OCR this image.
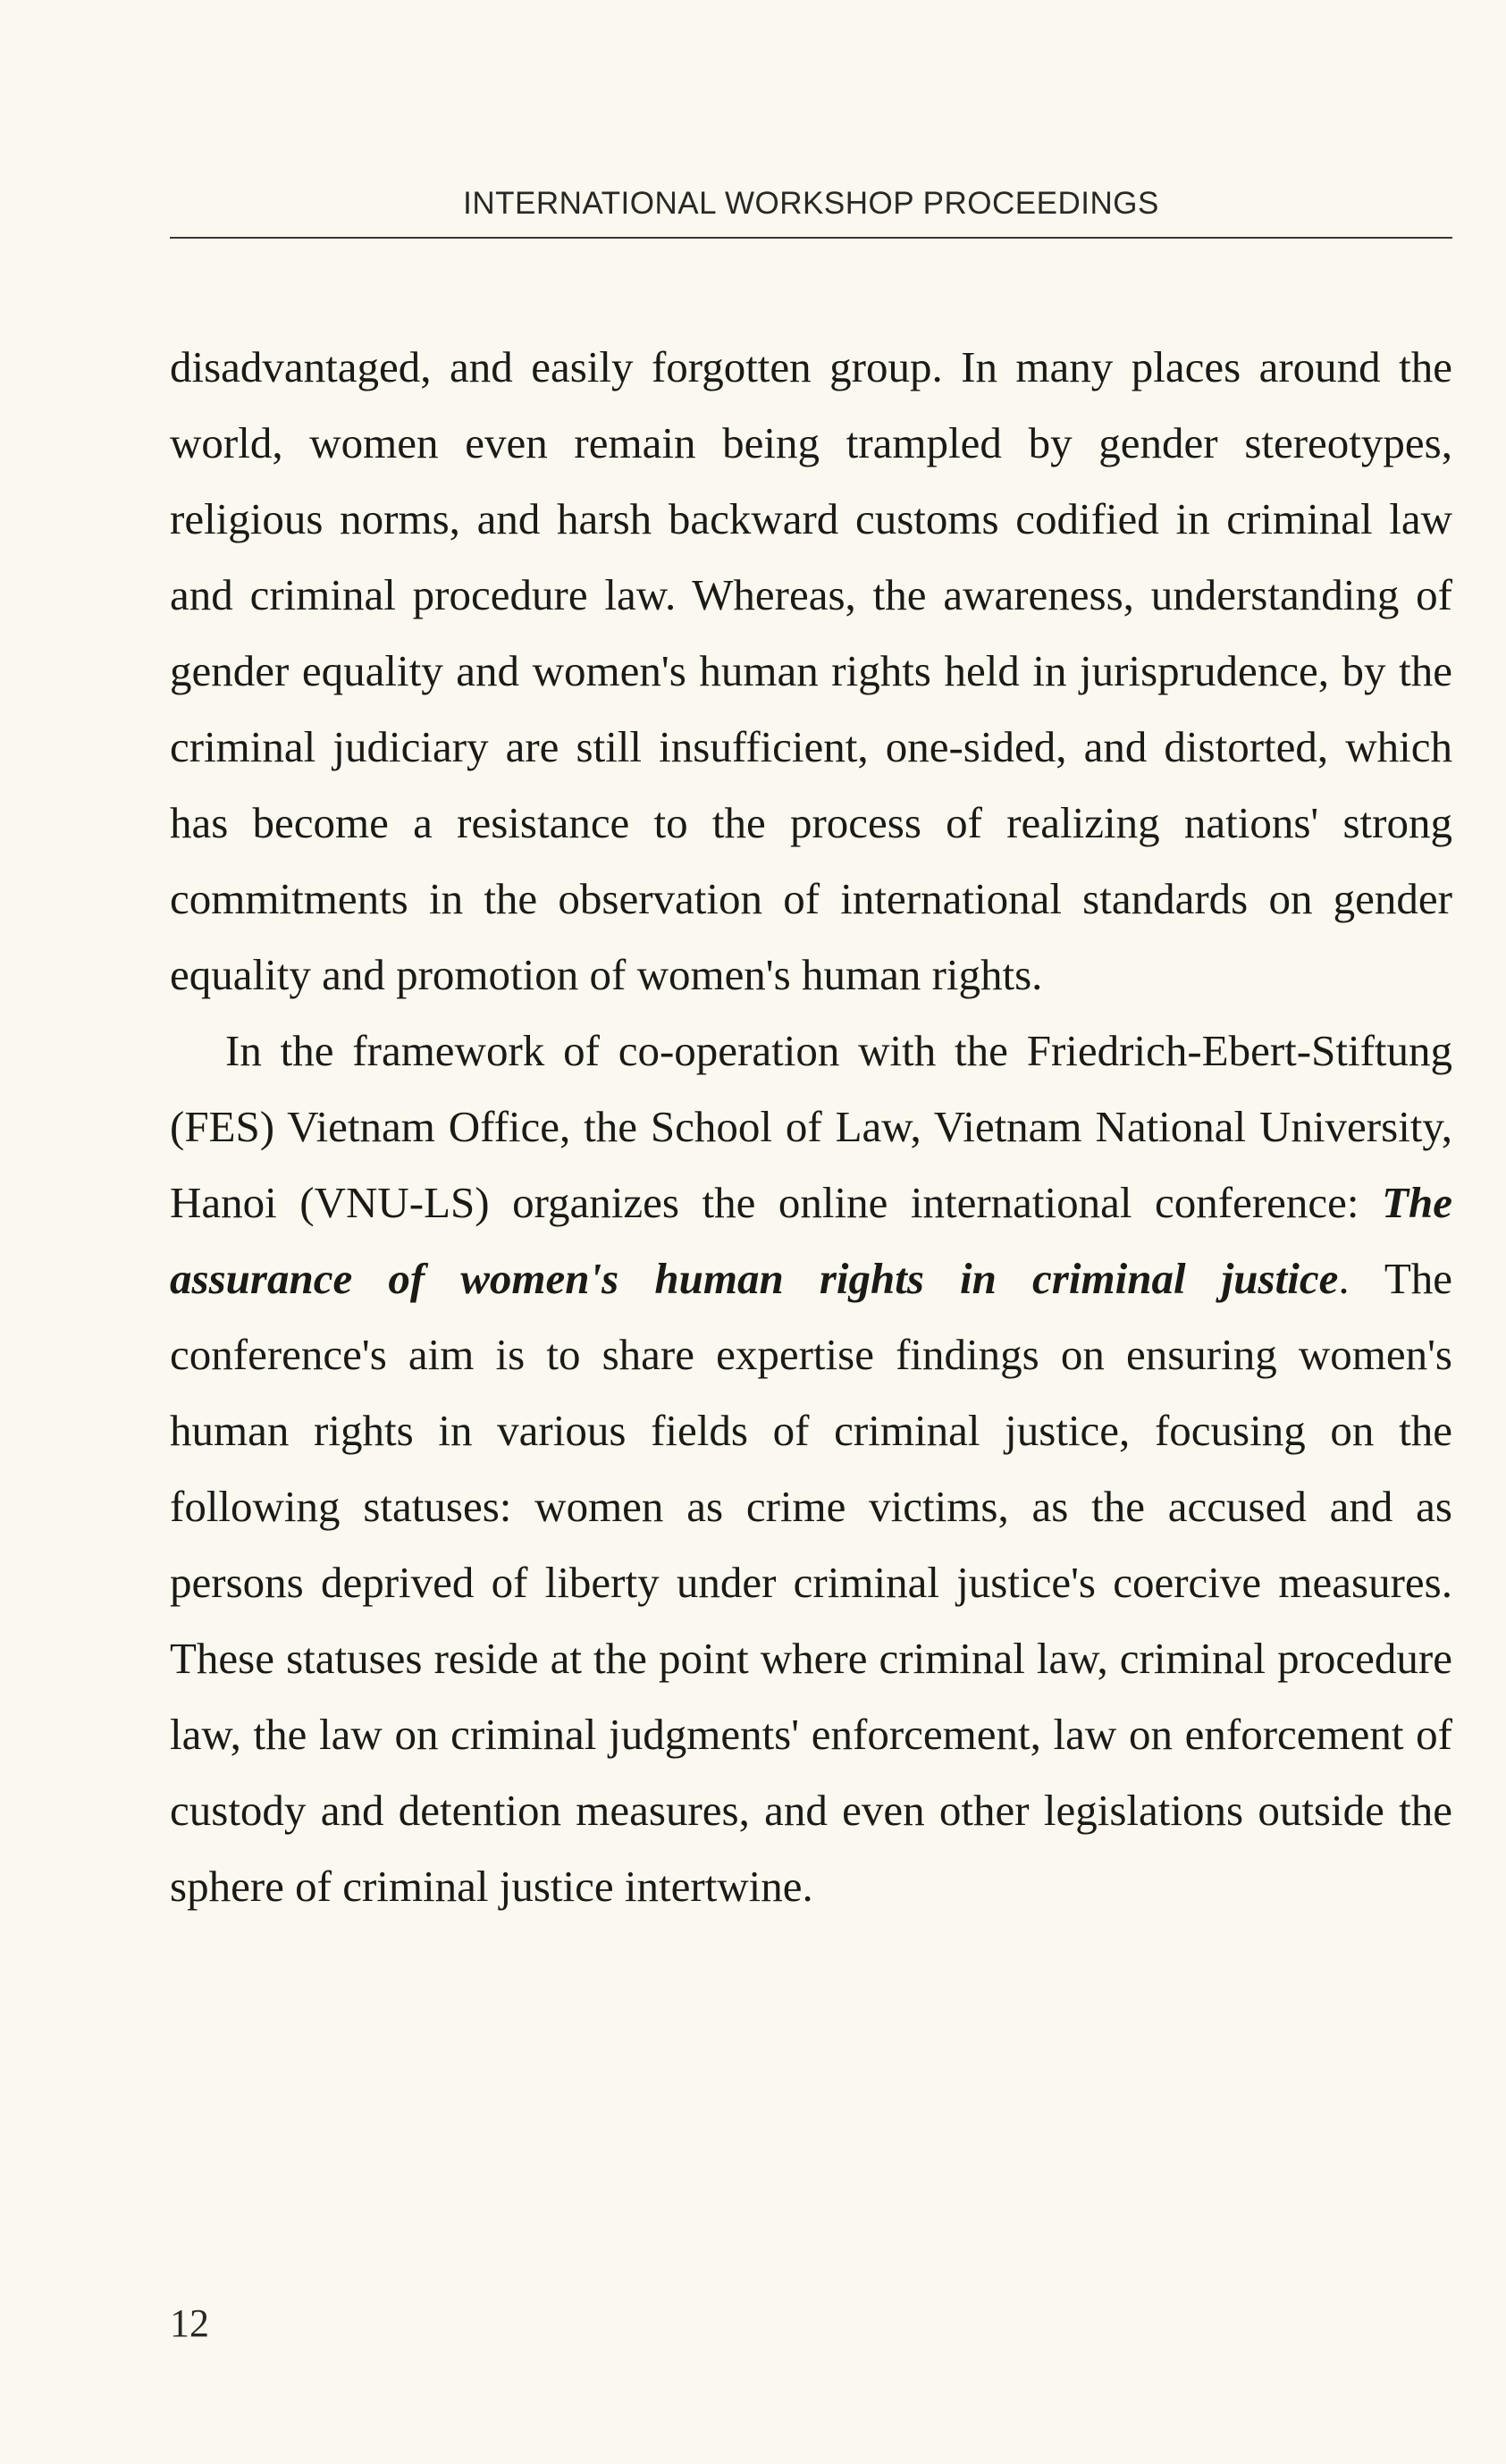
INTERNATIONAL WORKSHOP PROCEEDINGS

disadvantaged, and easily forgotten group. In many places around the world, women even remain being trampled by gender stereotypes, religious norms, and harsh backward customs codified in criminal law and criminal procedure law. Whereas, the awareness, understanding of gender equality and women's human rights held in jurisprudence, by the criminal judiciary are still insufficient, one-sided, and distorted, which has become a resistance to the process of realizing nations' strong commitments in the observation of international standards on gender equality and promotion of women's human rights.

In the framework of co-operation with the Friedrich-Ebert-Stiftung (FES) Vietnam Office, the School of Law, Vietnam National University, Hanoi (VNU-LS) organizes the online international conference: The assurance of women's human rights in criminal justice. The conference's aim is to share expertise findings on ensuring women's human rights in various fields of criminal justice, focusing on the following statuses: women as crime victims, as the accused and as persons deprived of liberty under criminal justice's coercive measures. These statuses reside at the point where criminal law, criminal procedure law, the law on criminal judgments' enforcement, law on enforcement of custody and detention measures, and even other legislations outside the sphere of criminal justice intertwine.

12
